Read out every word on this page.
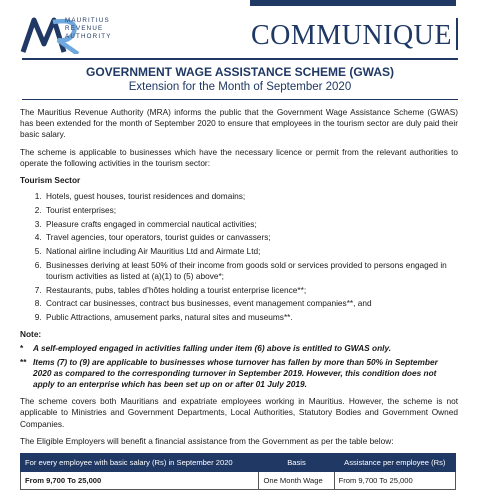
MAURITIUS
REVENUE
AUTHORITY	COMMUNIQUE
GOVERNMENT WAGE ASSISTANCE SCHEME (GWAS)
Extension for the Month of September 2020

The Mauritius Revenue Authority (MRA) informs the public that the Government Wage Assistance Scheme (GWAS) has been extended for the month of September 2020 to ensure that employees in the tourism sector are duly paid their basic salary.

The scheme is applicable to businesses which have the necessary licence or permit from the relevant authorities to operate the following activities in the tourism sector:

Tourism Sector
1. Hotels, guest houses, tourist residences and domains;
2. Tourist enterprises;
3. Pleasure crafts engaged in commercial nautical activities;
4. Travel agencies, tour operators, tourist guides or canvassers;
5. National airline including Air Mauritius Ltd and Airmate Ltd;
6. Businesses deriving at least 50% of their income from goods sold or services provided to persons engaged in tourism activities as listed at (a)(1) to (5) above*;
7. Restaurants, pubs, tables d’hôtes holding a tourist enterprise licence**;
8. Contract car businesses, contract bus businesses, event management companies**, and
9. Public Attractions, amusement parks, natural sites and museums**.
Note:
*	A self-employed engaged in activities falling under item (6) above is entitled to GWAS only.
** Items (7) to (9) are applicable to businesses whose turnover has fallen by more than 50% in September 2020 as compared to the corresponding turnover in September 2019. However, this condition does not apply to an enterprise which has been set up on or after 01 July 2019.

The scheme covers both Mauritians and expatriate employees working in Mauritius. However, the scheme is not applicable to Ministries and Government Departments, Local Authorities, Statutory Bodies and Government Owned Companies.

The Eligible Employers will benefit a financial assistance from the Government as per the table below:

For every employee with basic salary (Rs) in September 2020	Basis	Assistance per employee (Rs)
From 9,700 To 25,000	One Month Wage	From 9,700 To 25,000
